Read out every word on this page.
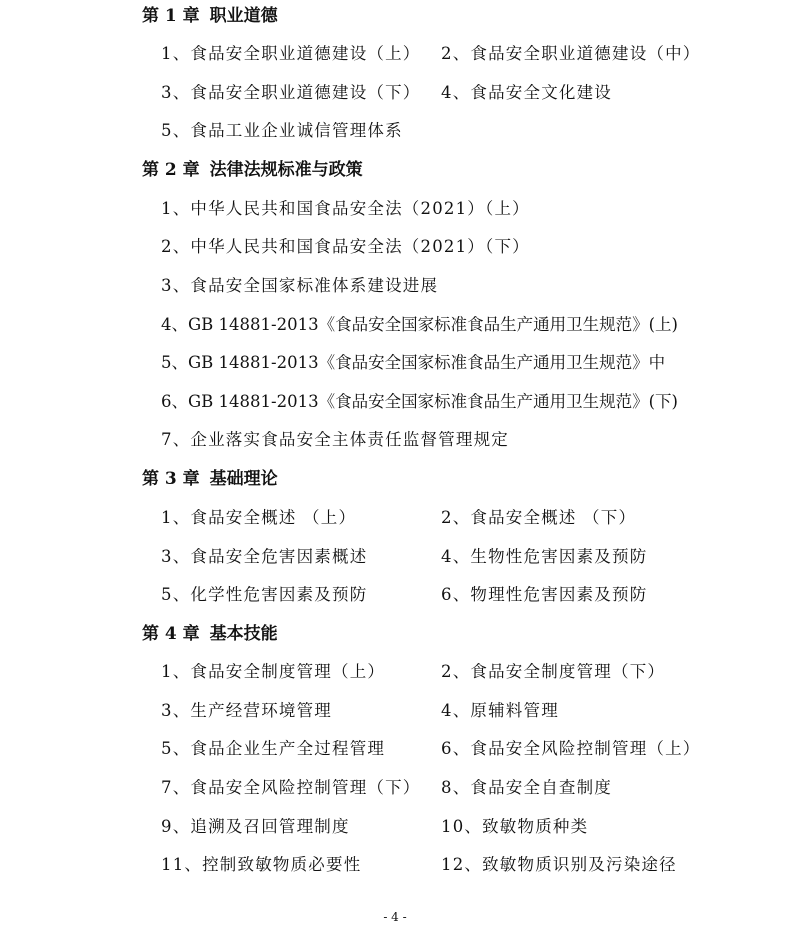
第 1 章 职业道德
1、食品安全职业道德建设（上） 2、食品安全职业道德建设（中）
3、食品安全职业道德建设（下） 4、食品安全文化建设
5、食品工业企业诚信管理体系
第 2 章 法律法规标准与政策
1、中华人民共和国食品安全法（2021）（上）
2、中华人民共和国食品安全法（2021）（下）
3、食品安全国家标准体系建设进展
4、GB 14881-2013《食品安全国家标准食品生产通用卫生规范》(上)
5、GB 14881-2013《食品安全国家标准食品生产通用卫生规范》中
6、GB 14881-2013《食品安全国家标准食品生产通用卫生规范》(下)
7、企业落实食品安全主体责任监督管理规定
第 3 章 基础理论
1、食品安全概述 （上）	2、食品安全概述 （下）
3、食品安全危害因素概述	4、生物性危害因素及预防
5、化学性危害因素及预防	6、物理性危害因素及预防
第 4 章 基本技能
1、食品安全制度管理（上）	2、食品安全制度管理（下）
3、生产经营环境管理	4、原辅料管理
5、食品企业生产全过程管理	6、食品安全风险控制管理（上）
7、食品安全风险控制管理（下） 8、食品安全自查制度
9、追溯及召回管理制度	10、致敏物质种类
11、控制致敏物质必要性	12、致敏物质识别及污染途径
- 4 -
